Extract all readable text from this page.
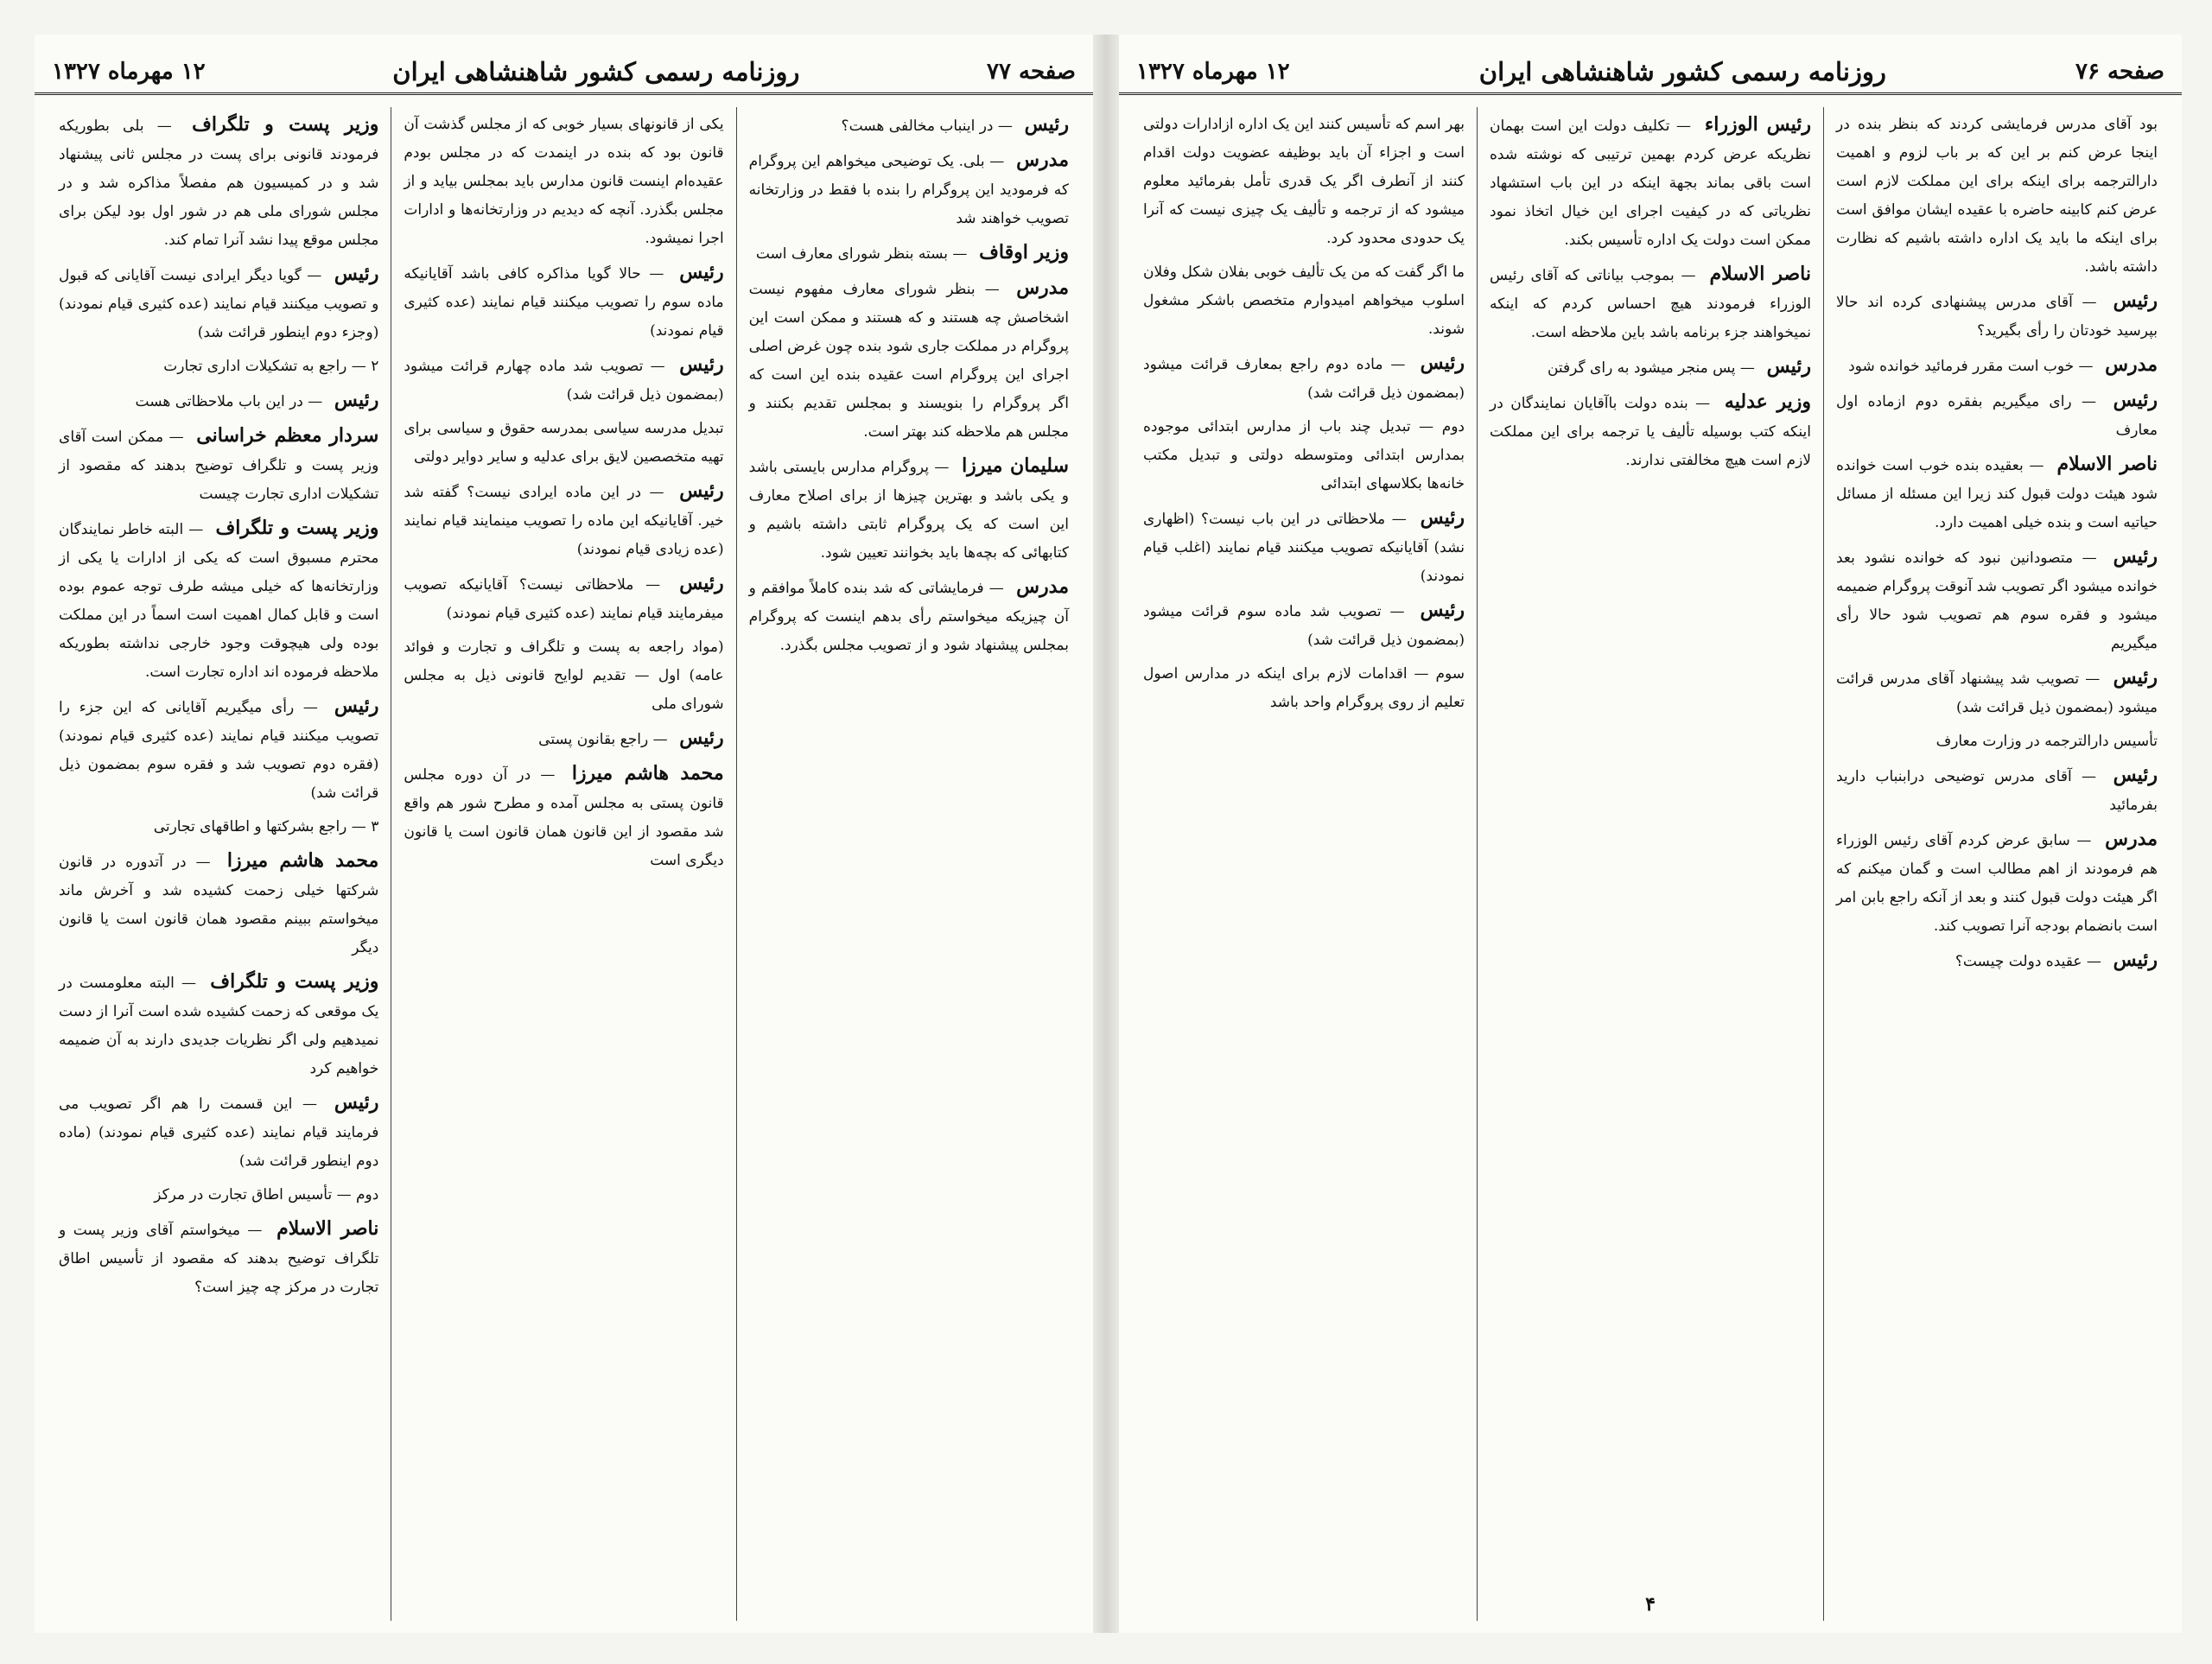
صفحه ۷۷
روزنامه رسمی کشور شاهنشاهی ایران
۱۲ مهرماه ۱۳۲۷
رئیس — در اینباب مخالفی هست؟
مدرس — بلی. یک توضیحی میخواهم این پروگرام که فرمودید این پروگرام را بنده با فقط در وزارتخانه تصویب خواهند شد
وزیر اوقاف — بسته بنظر شورای معارف است
مدرس — بنظر شورای معارف مفهوم نیست اشخاصش چه هستند و که هستند و ممکن است این پروگرام در مملکت جاری شود بنده چون غرض اصلی اجرای این پروگرام است عقیده بنده این است که اگر پروگرام را بنویسند و بمجلس تقدیم بکنند و مجلس هم ملاحظه کند بهتر است.
سلیمان میرزا — پروگرام مدارس بایستی باشد و یکی باشد و بهترین چیزها از برای اصلاح معارف این است که یک پروگرام ثابتی داشته باشیم و کتابهائی که بچه‌ها باید بخوانند تعیین شود.
مدرس — فرمایشاتی که شد بنده کاملاً موافقم و آن چیزیکه میخواستم رأی بدهم اینست که پروگرام بمجلس پیشنهاد شود و از تصویب مجلس بگذرد.
یکی از قانونهای بسیار خوبی که از مجلس گذشت آن قانون بود که بنده در اینمدت که در مجلس بودم عقیده‌ام اینست قانون مدارس باید بمجلس بیاید و از مجلس بگذرد. آنچه که دیدیم در وزارتخانه‌ها و ادارات اجرا نمیشود.
رئیس — حالا گویا مذاکره کافی باشد آقایانیکه ماده سوم را تصویب میکنند قیام نمایند (عده کثیری قیام نمودند)
رئیس — تصویب شد ماده چهارم قرائت میشود (بمضمون ذیل قرائت شد)
تبدیل مدرسه سیاسی بمدرسه حقوق و سیاسی برای تهیه متخصصین لایق برای عدلیه و سایر دوایر دولتی
رئیس — در این ماده ایرادی نیست؟ گفته شد خیر. آقایانیکه این ماده را تصویب مینمایند قیام نمایند (عده زیادی قیام نمودند)
رئیس — ملاحظاتی نیست؟ آقایانیکه تصویب میفرمایند قیام نمایند (عده کثیری قیام نمودند)
(مواد راجعه به پست و تلگراف و تجارت و فوائد عامه) اول — تقدیم لوایح قانونی ذیل به مجلس شورای ملی
رئیس — راجع بقانون پستی
محمد هاشم میرزا — در آن دوره مجلس قانون پستی به مجلس آمده و مطرح شور هم واقع شد مقصود از این قانون همان قانون است یا قانون دیگری است
وزیر پست و تلگراف — بلی بطوریکه فرمودند قانونی برای پست در مجلس ثانی پیشنهاد شد و در کمیسیون هم مفصلاً مذاکره شد و در مجلس شورای ملی هم در شور اول بود لیکن برای مجلس موقع پیدا نشد آنرا تمام کند.
رئیس — گویا دیگر ایرادی نیست آقایانی که قبول و تصویب میکنند قیام نمایند (عده کثیری قیام نمودند) (وجزء دوم اینطور قرائت شد)
۲ — راجع به تشکیلات اداری تجارت
رئیس — در این باب ملاحظاتی هست
سردار معظم خراسانی — ممکن است آقای وزیر پست و تلگراف توضیح بدهند که مقصود از تشکیلات اداری تجارت چیست
وزیر پست و تلگراف — البته خاطر نمایندگان محترم مسبوق است که یکی از ادارات یا یکی از وزارتخانه‌ها که خیلی میشه طرف توجه عموم بوده است و قابل کمال اهمیت است اسماً در این مملکت بوده ولی هیچوقت وجود خارجی نداشته بطوریکه ملاحظه فرموده اند اداره تجارت است.
رئیس — رأی میگیریم آقایانی که این جزء را تصویب میکنند قیام نمایند (عده کثیری قیام نمودند) (فقره دوم تصویب شد و فقره سوم بمضمون ذیل قرائت شد)
۳ — راجع بشرکتها و اطاقهای تجارتی
محمد هاشم میرزا — در آتدوره در قانون شرکتها خیلی زحمت کشیده شد و آخرش ماند میخواستم ببینم مقصود همان قانون است یا قانون دیگر
وزیر پست و تلگراف — البته معلومست در یک موقعی که زحمت کشیده شده است آنرا از دست نمیدهیم ولی اگر نظریات جدیدی دارند به آن ضمیمه خواهیم کرد
رئیس — این قسمت را هم اگر تصویب می فرمایند قیام نمایند (عده کثیری قیام نمودند) (ماده دوم اینطور قرائت شد)
دوم — تأسیس اطاق تجارت در مرکز
ناصر الاسلام — میخواستم آقای وزیر پست و تلگراف توضیح بدهند که مقصود از تأسیس اطاق تجارت در مرکز چه چیز است؟
صفحه ۷۶
روزنامه رسمی کشور شاهنشاهی ایران
۱۲ مهرماه ۱۳۲۷
بود آقای مدرس فرمایشی کردند که بنظر بنده در اینجا عرض کنم بر این که بر باب لزوم و اهمیت دارالترجمه برای اینکه برای این مملکت لازم است عرض کنم کابینه حاضره با عقیده ایشان موافق است برای اینکه ما باید یک اداره داشته باشیم که نظارت داشته باشد.
رئیس — آقای مدرس پیشنهادی کرده اند حالا بپرسید خودتان را رأی بگیرید؟
مدرس — خوب است مقرر فرمائید خوانده شود
رئیس — رای میگیریم بفقره دوم ازماده اول معارف
ناصر الاسلام — بعقیده بنده خوب است خوانده شود هیئت دولت قبول کند زیرا این مسئله از مسائل حیاتیه است و بنده خیلی اهمیت دارد.
رئیس — متصودانین نبود که خوانده نشود بعد خوانده میشود اگر تصویب شد آنوقت پروگرام ضمیمه میشود و فقره سوم هم تصویب شود حالا رأی میگیریم
رئیس — تصویب شد پیشنهاد آقای مدرس قرائت میشود (بمضمون ذیل قرائت شد)
تأسیس دارالترجمه در وزارت معارف
رئیس — آقای مدرس توضیحی درابنباب دارید بفرمائید
مدرس — سابق عرض کردم آقای رئیس الوزراء هم فرمودند از اهم مطالب است و گمان میکنم که اگر هیئت دولت قبول کنند و بعد از آنکه راجع بابن امر است بانضمام بودجه آنرا تصویب کند.
رئیس — عقیده دولت چیست؟
رئیس الوزراء — تکلیف دولت این است بهمان نظریکه عرض کردم بهمین ترتیبی که نوشته شده است باقی بماند بجهة اینکه در این باب استشهاد نظریاتی که در کیفیت اجرای این خیال اتخاذ نمود ممکن است دولت یک اداره تأسیس بکند.
ناصر الاسلام — بموجب بیاناتی که آقای رئیس الوزراء فرمودند هیچ احساس کردم که اینکه نمیخواهند جزء برنامه باشد باین ملاحظه است.
رئیس — پس منجر میشود به رای گرفتن
وزیر عدلیه — بنده دولت باآقایان نمایندگان در اینکه کتب بوسیله تألیف یا ترجمه برای این مملکت لازم است هیچ مخالفتی ندارند.
بهر اسم که تأسیس کنند این یک اداره ازادارات دولتی است و اجزاء آن باید بوظیفه عضویت دولت اقدام کنند از آنطرف اگر یک قدری تأمل بفرمائید معلوم میشود که از ترجمه و تألیف یک چیزی نیست که آنرا یک حدودی محدود کرد.
ما اگر گفت که من یک تألیف خوبی بفلان شکل وفلان اسلوب میخواهم امیدوارم متخصص باشکر مشغول شوند.
رئیس — ماده دوم راجع بمعارف قرائت میشود (بمضمون ذیل قرائت شد)
دوم — تبدیل چند باب از مدارس ابتدائی موجوده بمدارس ابتدائی ومتوسطه دولتی و تبدیل مکتب خانه‌ها بکلاسهای ابتدائی
رئیس — ملاحظاتی در این باب نیست؟ (اظهاری نشد) آقایانیکه تصویب میکنند قیام نمایند (اغلب قیام نمودند)
رئیس — تصویب شد ماده سوم قرائت میشود (بمضمون ذیل قرائت شد)
سوم — اقدامات لازم برای اینکه در مدارس اصول تعلیم از روی پروگرام واحد باشد
۴
